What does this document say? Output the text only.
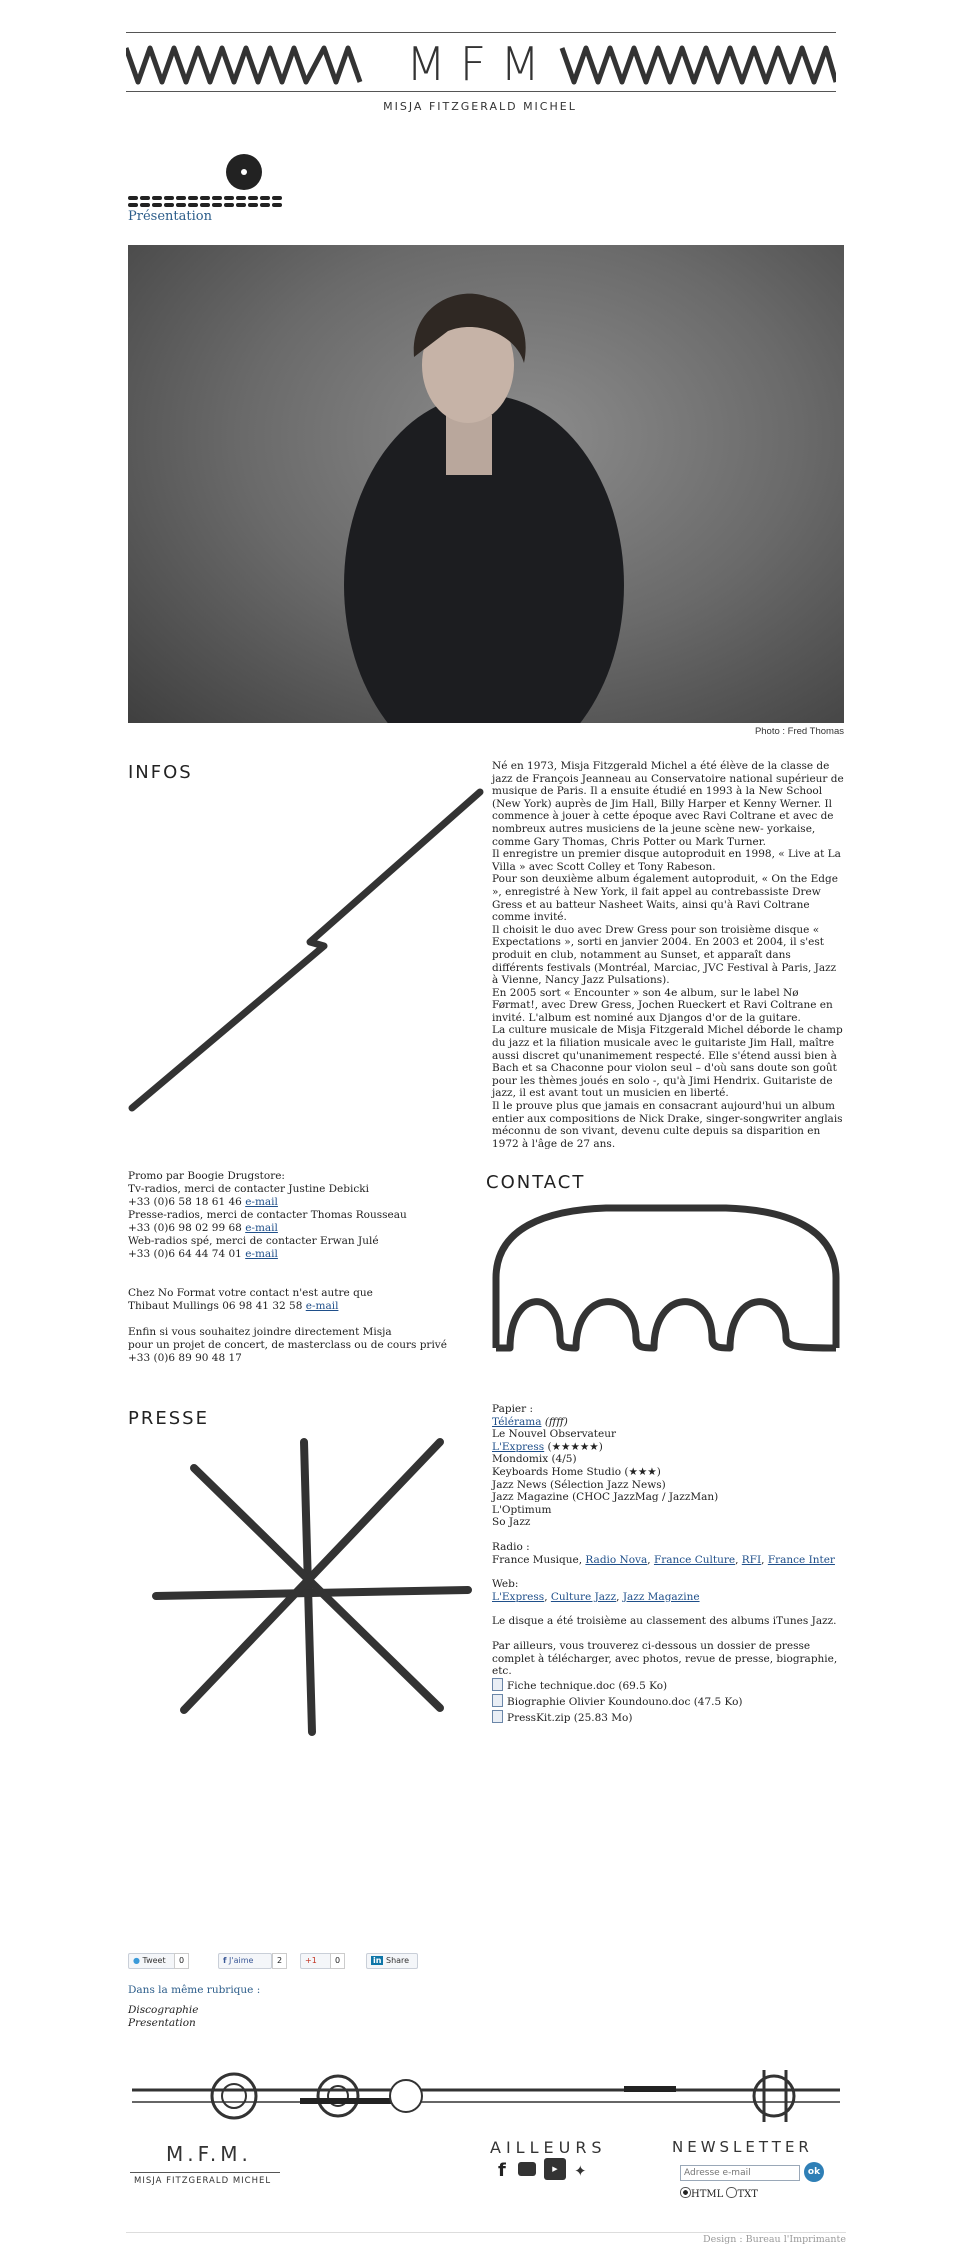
MFM
MISJA FITZGERALD MICHEL
Présentation
Photo : Fred Thomas
INFOS	Né en 1973, Misja Fitzgerald Michel a été élève de la classe de jazz de François Jeanneau au Conservatoire national supérieur de musique de Paris. Il a ensuite étudié en 1993 à la New School (New York) auprès de Jim Hall, Billy Harper et Kenny Werner. Il commence à jouer à cette époque avec Ravi Coltrane et avec de nombreux autres musiciens de la jeune scène new- yorkaise, comme Gary Thomas, Chris Potter ou Mark Turner.

Il enregistre un premier disque autoproduit en 1998, « Live at La Villa » avec Scott Colley et Tony Rabeson.

Pour son deuxième album également autoproduit, « On the Edge », enregistré à New York, il fait appel au contrebassiste Drew Gress et au batteur Nasheet Waits, ainsi qu'à Ravi Coltrane comme invité.

Il choisit le duo avec Drew Gress pour son troisième disque « Expectations », sorti en janvier 2004. En 2003 et 2004, il s'est produit en club, notamment au Sunset, et apparaît dans différents festivals (Montréal, Marciac, JVC Festival à Paris, Jazz à Vienne, Nancy Jazz Pulsations).

En 2005 sort « Encounter » son 4e album, sur le label Nø Førmat!, avec Drew Gress, Jochen Rueckert et Ravi Coltrane en invité. L'album est nominé aux Djangos d'or de la guitare.

La culture musicale de Misja Fitzgerald Michel déborde le champ du jazz et la filiation musicale avec le guitariste Jim Hall, maître aussi discret qu'unanimement respecté. Elle s'étend aussi bien à Bach et sa Chaconne pour violon seul – d'où sans doute son goût pour les thèmes joués en solo -, qu'à Jimi Hendrix. Guitariste de jazz, il est avant tout un musicien en liberté.

Il le prouve plus que jamais en consacrant aujourd'hui un album entier aux compositions de Nick Drake, singer-songwriter anglais méconnu de son vivant, devenu culte depuis sa disparition en 1972 à l'âge de 27 ans.

Promo par Boogie Drugstore:
Tv-radios, merci de contacter Justine Debicki
+33 (0)6 58 18 61 46 e-mail
Presse-radios, merci de contacter Thomas Rousseau
+33 (0)6 98 02 99 68 e-mail
Web-radios spé, merci de contacter Erwan Julé
+33 (0)6 64 44 74 01 e-mail
Chez No Format votre contact n'est autre que
Thibaut Mullings 06 98 41 32 58 e-mail
Enfin si vous souhaitez joindre directement Misja
pour un projet de concert, de masterclass ou de cours privé
+33 (0)6 89 90 48 17
CONTACT
PRESSE	Papier :
Télérama (ffff)
Le Nouvel Observateur
L'Express (★★★★★)
Mondomix (4/5)
Keyboards Home Studio (★★★)
Jazz News (Sélection Jazz News)
Jazz Magazine (CHOC JazzMag / JazzMan)
L'Optimum
So Jazz
Radio :
France Musique, Radio Nova, France Culture, RFI, France Inter
Web:
L'Express, Culture Jazz, Jazz Magazine
Le disque a été troisième au classement des albums iTunes Jazz.
Par ailleurs, vous trouverez ci-dessous un dossier de presse complet à télécharger, avec photos, revue de presse, biographie, etc.
Fiche technique.doc (69.5 Ko)
Biographie Olivier Koundouno.doc (47.5 Ko)
PressKit.zip (25.83 Mo)
● Tweet	0	f J'aime	2	+1	0	in Share
Dans la même rubrique :
Discographie
Presentation
M.F.M.
MISJA FITZGERALD MICHEL
AILLEURS
f	▶	✦
NEWSLETTER
Adresse e-mail
ok
HTML TXT
Design : Bureau l'Imprimante
